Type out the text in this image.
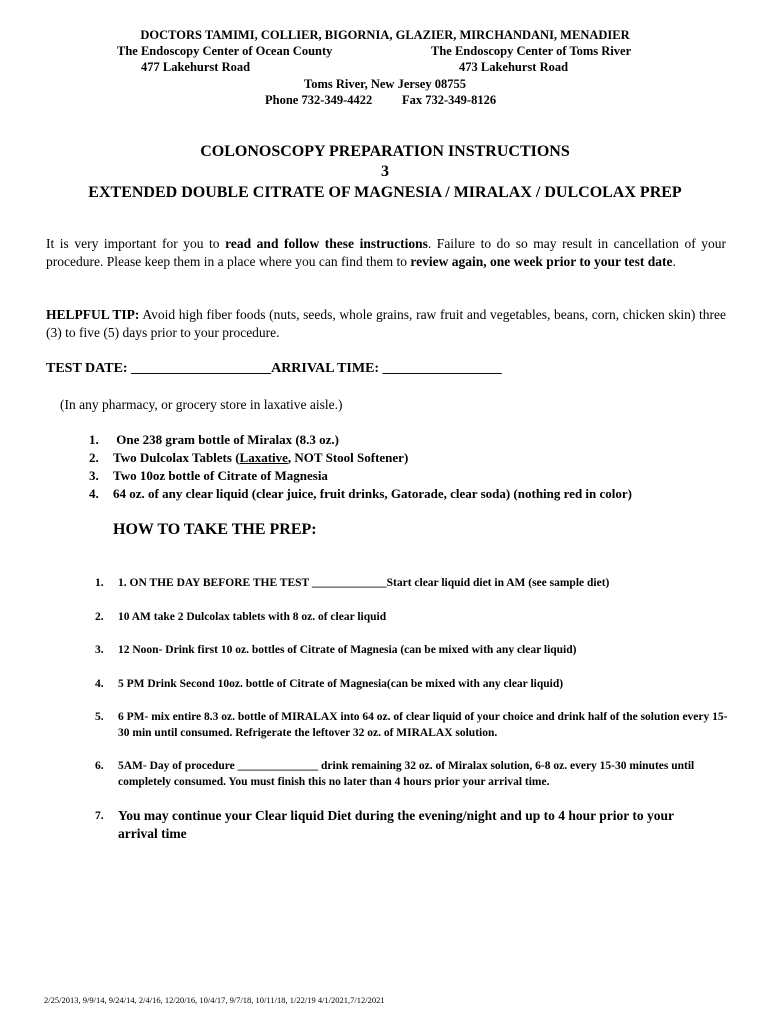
DOCTORS TAMIMI, COLLIER, BIGORNIA, GLAZIER, MIRCHANDANI, MENADIER
The Endoscopy Center of Ocean County	The Endoscopy Center of Toms River
477 Lakehurst Road	473 Lakehurst Road
Toms River, New Jersey 08755
Phone 732-349-4422 Fax 732-349-8126
COLONOSCOPY PREPARATION INSTRUCTIONS
3
EXTENDED DOUBLE CITRATE OF MAGNESIA / MIRALAX / DULCOLAX PREP
It is very important for you to read and follow these instructions. Failure to do so may result in cancellation of your procedure. Please keep them in a place where you can find them to review again, one week prior to your test date.
HELPFUL TIP: Avoid high fiber foods (nuts, seeds, whole grains, raw fruit and vegetables, beans, corn, chicken skin) three (3) to five (5) days prior to your procedure.
TEST DATE: ____________________ARRIVAL TIME: _________________
(In any pharmacy, or grocery store in laxative aisle.)
1. One 238 gram bottle of Miralax (8.3 oz.)
2. Two Dulcolax Tablets (Laxative, NOT Stool Softener)
3. Two 10oz bottle of Citrate of Magnesia
4. 64 oz. of any clear liquid (clear juice, fruit drinks, Gatorade, clear soda) (nothing red in color)
HOW TO TAKE THE PREP:
1.	1. ON THE DAY BEFORE THE TEST _____________Start clear liquid diet in AM (see sample diet)
2.	10 AM take 2 Dulcolax tablets with 8 oz. of clear liquid
3.	12 Noon- Drink first 10 oz. bottles of Citrate of Magnesia (can be mixed with any clear liquid)
4.	5 PM Drink Second 10oz. bottle of Citrate of Magnesia(can be mixed with any clear liquid)
5.	6 PM- mix entire 8.3 oz. bottle of MIRALAX into 64 oz. of clear liquid of your choice and drink half of the solution every 15-30 min until consumed. Refrigerate the leftover 32 oz. of MIRALAX solution.
6.	5AM- Day of procedure ______________ drink remaining 32 oz. of Miralax solution, 6-8 oz. every 15-30 minutes until completely consumed. You must finish this no later than 4 hours prior your arrival time.
7.	You may continue your Clear liquid Diet during the evening/night and up to 4 hour prior to your arrival time
2/25/2013, 9/9/14, 9/24/14, 2/4/16, 12/20/16, 10/4/17, 9/7/18, 10/11/18, 1/22/19 4/1/2021,7/12/2021
